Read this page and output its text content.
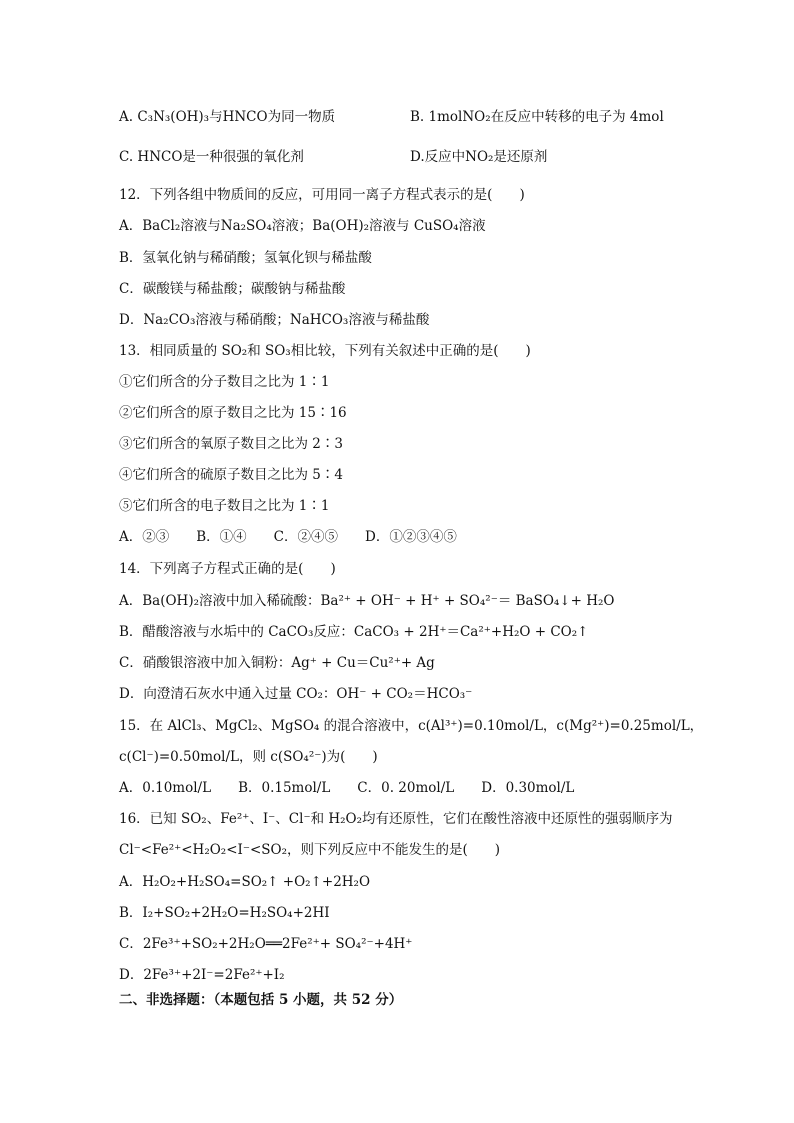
A. C₃N₃(OH)₃与HNCO为同一物质	B. 1molNO₂在反应中转移的电子为 4mol
C. HNCO是一种很强的氧化剂	D.反应中NO₂是还原剂
12．下列各组中物质间的反应，可用同一离子方程式表示的是(　　)
A．BaCl₂溶液与Na₂SO₄溶液；Ba(OH)₂溶液与 CuSO₄溶液
B．氢氧化钠与稀硝酸；氢氧化钡与稀盐酸
C．碳酸镁与稀盐酸；碳酸钠与稀盐酸
D．Na₂CO₃溶液与稀硝酸；NaHCO₃溶液与稀盐酸
13．相同质量的 SO₂和 SO₃相比较，下列有关叙述中正确的是(　　)
①它们所含的分子数目之比为 1∶1
②它们所含的原子数目之比为 15∶16
③它们所含的氧原子数目之比为 2∶3
④它们所含的硫原子数目之比为 5∶4
⑤它们所含的电子数目之比为 1∶1
A．②③　　B．①④　　C．②④⑤　　D．①②③④⑤
14．下列离子方程式正确的是(　　)
A．Ba(OH)₂溶液中加入稀硫酸：Ba²⁺ + OH⁻ + H⁺ + SO₄²⁻＝ BaSO₄↓+ H₂O
B．醋酸溶液与水垢中的 CaCO₃反应：CaCO₃ + 2H⁺＝Ca²⁺+H₂O + CO₂↑
C．硝酸银溶液中加入铜粉：Ag⁺ + Cu＝Cu²⁺+ Ag
D．向澄清石灰水中通入过量 CO₂：OH⁻ + CO₂＝HCO₃⁻
15．在 AlCl₃、MgCl₂、MgSO₄ 的混合溶液中，c(Al³⁺)=0.10mol/L，c(Mg²⁺)=0.25mol/L，
c(Cl⁻)=0.50mol/L，则 c(SO₄²⁻)为(　　)
A．0.10mol/L　　B．0.15mol/L　　C．0. 20mol/L　　D．0.30mol/L
16．已知 SO₂、Fe²⁺、I⁻、Cl⁻和 H₂O₂均有还原性，它们在酸性溶液中还原性的强弱顺序为
Cl⁻<Fe²⁺<H₂O₂<I⁻<SO₂，则下列反应中不能发生的是(　　)
A．H₂O₂+H₂SO₄=SO₂↑ +O₂↑+2H₂O
B．I₂+SO₂+2H₂O=H₂SO₄+2HI
C．2Fe³⁺+SO₂+2H₂O══2Fe²⁺+ SO₄²⁻+4H⁺
D．2Fe³⁺+2I⁻=2Fe²⁺+I₂
二、非选择题：（本题包括 5 小题，共 52 分）
